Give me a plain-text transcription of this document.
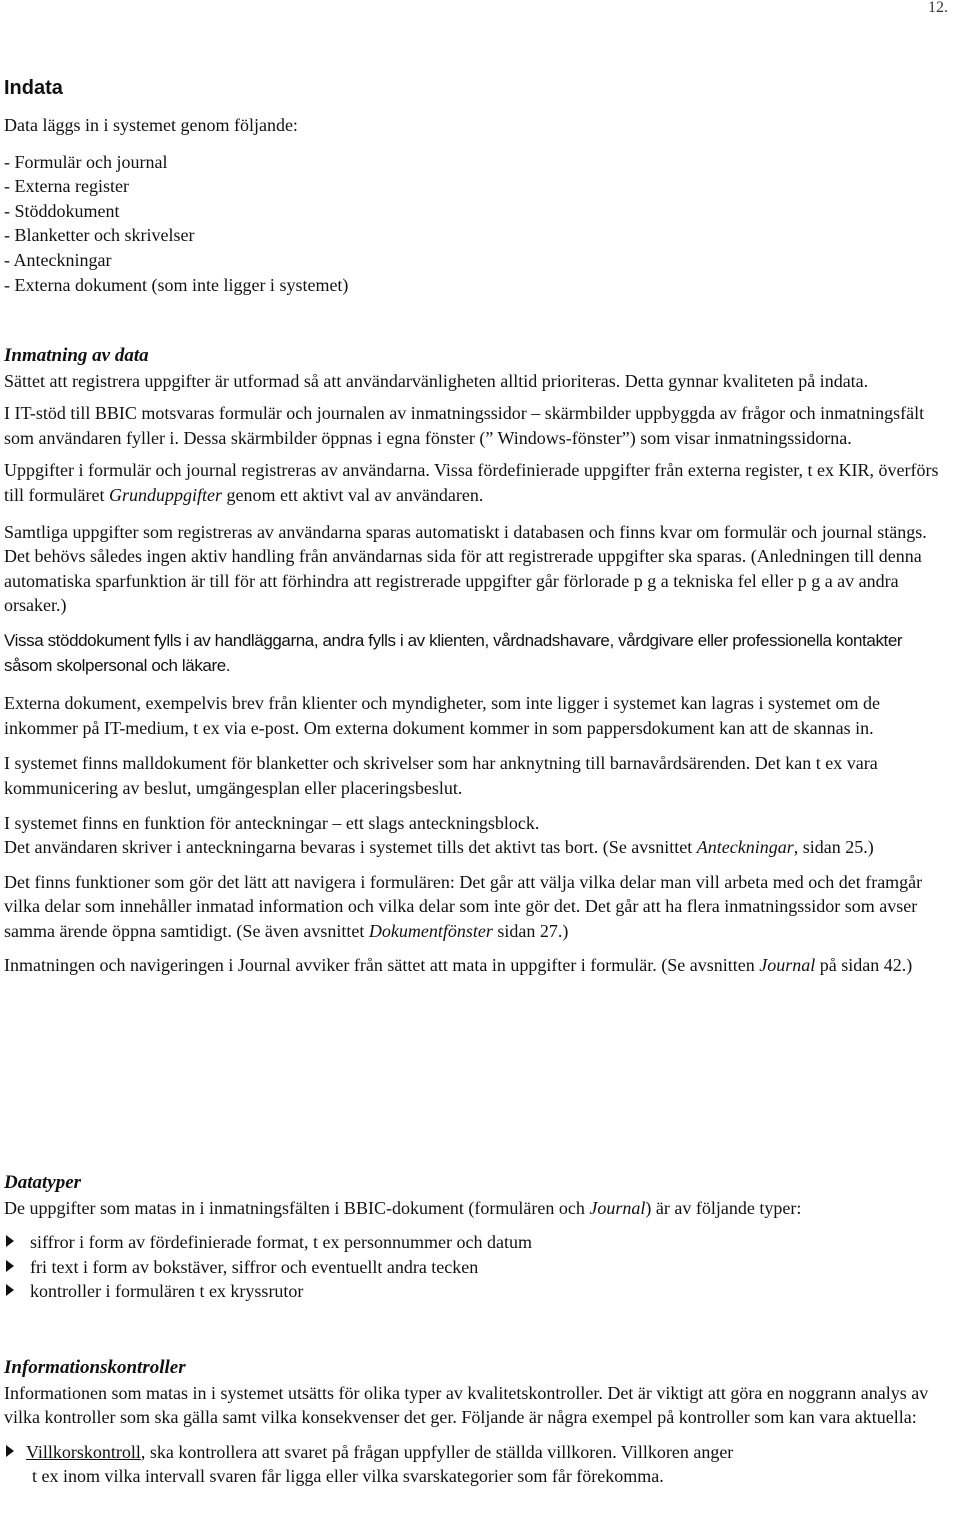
12.
Indata

Data läggs in i systemet genom följande:

- Formulär och journal
- Externa register
- Stöddokument
- Blanketter och skrivelser
- Anteckningar
- Externa dokument (som inte ligger i systemet)
Inmatning av data

Sättet att registrera uppgifter är utformad så att användarvänligheten alltid prioriteras. Detta gynnar kvaliteten på indata.

I IT-stöd till BBIC motsvaras formulär och journalen av inmatningssidor – skärmbilder uppbyggda av frågor och inmatningsfält som användaren fyller i. Dessa skärmbilder öppnas i egna fönster (” Windows-fönster”) som visar inmatningssidorna.

Uppgifter i formulär och journal registreras av användarna. Vissa fördefinierade uppgifter från externa register, t ex KIR, överförs till formuläret Grunduppgifter genom ett aktivt val av användaren.

Samtliga uppgifter som registreras av användarna sparas automatiskt i databasen och finns kvar om formulär och journal stängs. Det behövs således ingen aktiv handling från användarnas sida för att registrerade uppgifter ska sparas. (Anledningen till denna automatiska sparfunktion är till för att förhindra att registrerade uppgifter går förlorade p g a tekniska fel eller p g a av andra orsaker.)

Vissa stöddokument fylls i av handläggarna, andra fylls i av klienten, vårdnadshavare, vårdgivare eller professionella kontakter såsom skolpersonal och läkare.

Externa dokument, exempelvis brev från klienter och myndigheter, som inte ligger i systemet kan lagras i systemet om de inkommer på IT-medium, t ex via e-post. Om externa dokument kommer in som pappersdokument kan att de skannas in.

I systemet finns malldokument för blanketter och skrivelser som har anknytning till barnavårdsärenden. Det kan t ex vara kommunicering av beslut, umgängesplan eller placeringsbeslut.

I systemet finns en funktion för anteckningar – ett slags anteckningsblock.
Det användaren skriver i anteckningarna bevaras i systemet tills det aktivt tas bort. (Se avsnittet Anteckningar, sidan 25.)

Det finns funktioner som gör det lätt att navigera i formulären: Det går att välja vilka delar man vill arbeta med och det framgår vilka delar som innehåller inmatad information och vilka delar som inte gör det. Det går att ha flera inmatningssidor som avser samma ärende öppna samtidigt. (Se även avsnittet Dokumentfönster sidan 27.)

Inmatningen och navigeringen i Journal avviker från sättet att mata in uppgifter i formulär. (Se avsnitten Journal på sidan 42.)

Datatyper

De uppgifter som matas in i inmatningsfälten i BBIC-dokument (formulären och Journal) är av följande typer:

siffror i form av fördefinierade format, t ex personnummer och datum
fri text i form av bokstäver, siffror och eventuellt andra tecken
kontroller i formulären t ex kryssrutor
Informationskontroller

Informationen som matas in i systemet utsätts för olika typer av kvalitetskontroller. Det är viktigt att göra en noggrann analys av vilka kontroller som ska gälla samt vilka konsekvenser det ger. Följande är några exempel på kontroller som kan vara aktuella:

Villkorskontroll, ska kontrollera att svaret på frågan uppfyller de ställda villkoren. Villkoren anger
t ex inom vilka intervall svaren får ligga eller vilka svarskategorier som får förekomma.
